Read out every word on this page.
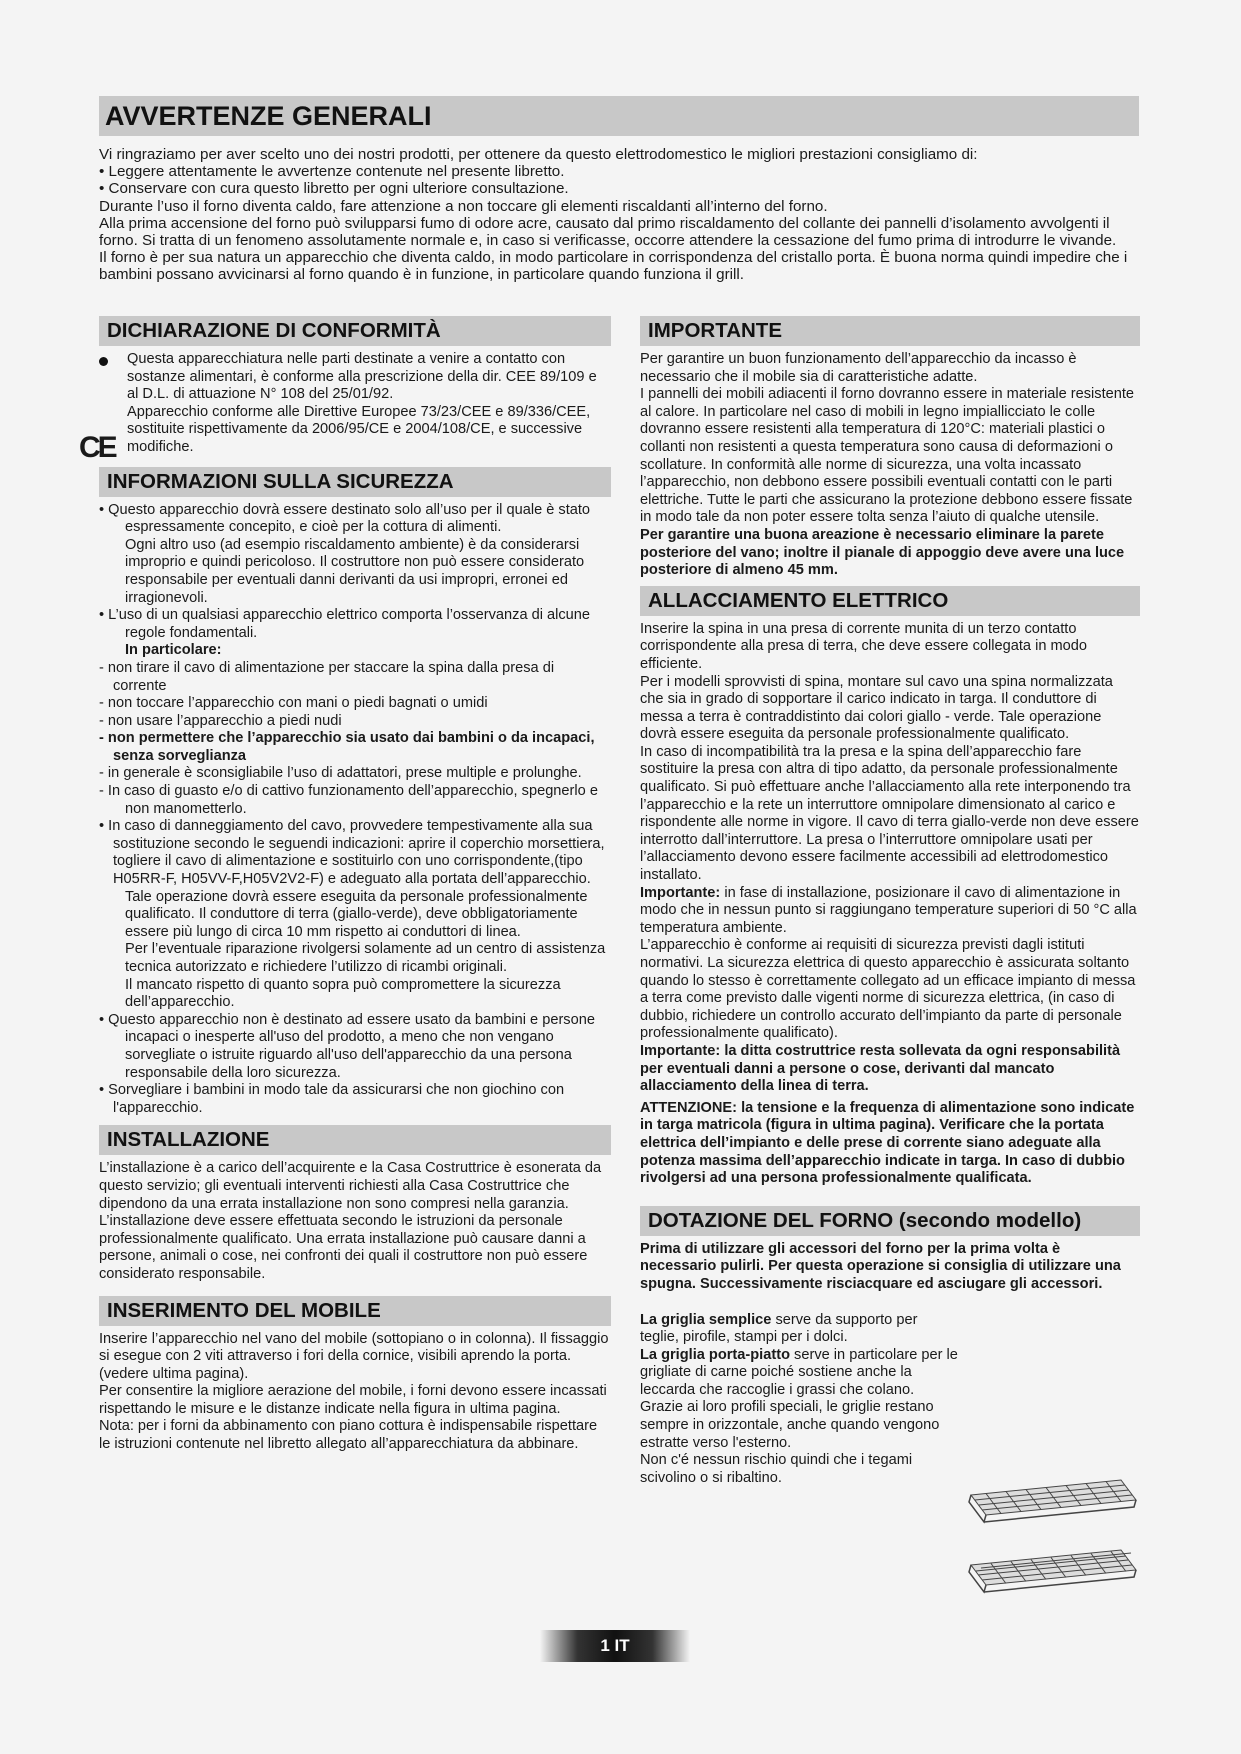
AVVERTENZE GENERALI

Vi ringraziamo per aver scelto uno dei nostri prodotti, per ottenere da questo elettrodomestico le migliori prestazioni consigliamo di:

• Leggere attentamente le avvertenze contenute nel presente libretto.

• Conservare con cura questo libretto per ogni ulteriore consultazione.

Durante l’uso il forno diventa caldo, fare attenzione a non toccare gli elementi riscaldanti all’interno del forno.

Alla prima accensione del forno può svilupparsi fumo di odore acre, causato dal primo riscaldamento del collante dei pannelli d’isolamento avvolgenti il forno. Si tratta di un fenomeno assolutamente normale e, in caso si verificasse, occorre attendere la cessazione del fumo prima di introdurre le vivande.

Il forno è per sua natura un apparecchio che diventa caldo, in modo particolare in corrispondenza del cristallo porta. È buona norma quindi impedire che i bambini possano avvicinarsi al forno quando è in funzione, in particolare quando funziona il grill.

DICHIARAZIONE DI CONFORMITÀ

Questa apparecchiatura nelle parti destinate a venire a contatto con sostanze alimentari, è conforme alla prescrizione della dir. CEE 89/109 e al D.L. di attuazione N° 108 del 25/01/92.

Apparecchio conforme alle Direttive Europee 73/23/CEE e 89/336/CEE, sostituite rispettivamente da 2006/95/CE e 2004/108/CE, e successive modifiche.

CE
INFORMAZIONI SULLA SICUREZZA

• Questo apparecchio dovrà essere destinato solo all’uso per il quale è stato espressamente concepito, e cioè per la cottura di alimenti.

Ogni altro uso (ad esempio riscaldamento ambiente) è da considerarsi improprio e quindi pericoloso. Il costruttore non può essere considerato responsabile per eventuali danni derivanti da usi impropri, erronei ed irragionevoli.

• L’uso di un qualsiasi apparecchio elettrico comporta l’osservanza di alcune regole fondamentali.

In particolare:

- non tirare il cavo di alimentazione per staccare la spina dalla presa di corrente

- non toccare l’apparecchio con mani o piedi bagnati o umidi

- non usare l’apparecchio a piedi nudi

- non permettere che l’apparecchio sia usato dai bambini o da incapaci, senza sorveglianza

- in generale è sconsigliabile l’uso di adattatori, prese multiple e prolunghe.

- In caso di guasto e/o di cattivo funzionamento dell’apparecchio, spegnerlo e non manometterlo.

• In caso di danneggiamento del cavo, provvedere tempestivamente alla sua sostituzione secondo le seguendi indicazioni: aprire il coperchio morsettiera, togliere il cavo di alimentazione e sostituirlo con uno corrispondente,(tipo H05RR-F, H05VV-F,H05V2V2-F) e adeguato alla portata dell’apparecchio.

Tale operazione dovrà essere eseguita da personale professionalmente qualificato. Il conduttore di terra (giallo-verde), deve obbligatoriamente essere più lungo di circa 10 mm rispetto ai conduttori di linea.

Per l’eventuale riparazione rivolgersi solamente ad un centro di assistenza tecnica autorizzato e richiedere l’utilizzo di ricambi originali.

Il mancato rispetto di quanto sopra può compromettere la sicurezza dell’apparecchio.

• Questo apparecchio non è destinato ad essere usato da bambini e persone incapaci o inesperte all'uso del prodotto, a meno che non vengano sorvegliate o istruite riguardo all'uso dell'apparecchio da una persona responsabile della loro sicurezza.

• Sorvegliare i bambini in modo tale da assicurarsi che non giochino con l'apparecchio.

INSTALLAZIONE

L’installazione è a carico dell’acquirente e la Casa Costruttrice è esonerata da questo servizio; gli eventuali interventi richiesti alla Casa Costruttrice che dipendono da una errata installazione non sono compresi nella garanzia.

L’installazione deve essere effettuata secondo le istruzioni da personale professionalmente qualificato. Una errata installazione può causare danni a persone, animali o cose, nei confronti dei quali il costruttore non può essere considerato responsabile.

INSERIMENTO DEL MOBILE

Inserire l’apparecchio nel vano del mobile (sottopiano o in colonna). Il fissaggio si esegue con 2 viti attraverso i fori della cornice, visibili aprendo la porta.(vedere ultima pagina).

Per consentire la migliore aerazione del mobile, i forni devono essere incassati rispettando le misure e le distanze indicate nella figura in ultima pagina.

Nota: per i forni da abbinamento con piano cottura è indispensabile rispettare le istruzioni contenute nel libretto allegato all’apparecchiatura da abbinare.

IMPORTANTE

Per garantire un buon funzionamento dell’apparecchio da incasso è necessario che il mobile sia di caratteristiche adatte.

I pannelli dei mobili adiacenti il forno dovranno essere in materiale resistente al calore. In particolare nel caso di mobili in legno impiallicciato le colle dovranno essere resistenti alla temperatura di 120°C: materiali plastici o collanti non resistenti a questa temperatura sono causa di deformazioni o scollature. In conformità alle norme di sicurezza, una volta incassato l’apparecchio, non debbono essere possibili eventuali contatti con le parti elettriche. Tutte le parti che assicurano la protezione debbono essere fissate in modo tale da non poter essere tolta senza l’aiuto di qualche utensile.

Per garantire una buona areazione è necessario eliminare la parete posteriore del vano; inoltre il pianale di appoggio deve avere una luce posteriore di almeno 45 mm.

ALLACCIAMENTO ELETTRICO

Inserire la spina in una presa di corrente munita di un terzo contatto corrispondente alla presa di terra, che deve essere collegata in modo efficiente.

Per i modelli sprovvisti di spina, montare sul cavo una spina normalizzata che sia in grado di sopportare il carico indicato in targa. Il conduttore di messa a terra è contraddistinto dai colori giallo - verde. Tale operazione dovrà essere eseguita da personale professionalmente qualificato.

In caso di incompatibilità tra la presa e la spina dell’apparecchio fare sostituire la presa con altra di tipo adatto, da personale professionalmente qualificato. Si può effettuare anche l’allacciamento alla rete interponendo tra l’apparecchio e la rete un interruttore omnipolare dimensionato al carico e rispondente alle norme in vigore. Il cavo di terra giallo-verde non deve essere interrotto dall’interruttore. La presa o l’interruttore omnipolare usati per l’allacciamento devono essere facilmente accessibili ad elettrodomestico installato.

Importante: in fase di installazione, posizionare il cavo di alimentazione in modo che in nessun punto si raggiungano temperature superiori di 50 °C alla temperatura ambiente.

L’apparecchio è conforme ai requisiti di sicurezza previsti dagli istituti normativi. La sicurezza elettrica di questo apparecchio è assicurata soltanto quando lo stesso è correttamente collegato ad un efficace impianto di messa a terra come previsto dalle vigenti norme di sicurezza elettrica, (in caso di dubbio, richiedere un controllo accurato dell’impianto da parte di personale professionalmente qualificato).

Importante: la ditta costruttrice resta sollevata da ogni responsabilità per eventuali danni a persone o cose, derivanti dal mancato allacciamento della linea di terra.

ATTENZIONE: la tensione e la frequenza di alimentazione sono indicate in targa matricola (figura in ultima pagina). Verificare che la portata elettrica dell’impianto e delle prese di corrente siano adeguate alla potenza massima dell’apparecchio indicate in targa. In caso di dubbio rivolgersi ad una persona professionalmente qualificata.

DOTAZIONE DEL FORNO (secondo modello)

Prima di utilizzare gli accessori del forno per la prima volta è necessario pulirli. Per questa operazione si consiglia di utilizzare una spugna. Successivamente risciacquare ed asciugare gli accessori.

La griglia semplice serve da supporto per teglie, pirofile, stampi per i dolci.

La griglia porta-piatto serve in particolare per le grigliate di carne poiché sostiene anche la leccarda che raccoglie i grassi che colano.

Grazie ai loro profili speciali, le griglie restano sempre in orizzontale, anche quando vengono estratte verso l'esterno.

Non c'é nessun rischio quindi che i tegami scivolino o si ribaltino.

1 IT
